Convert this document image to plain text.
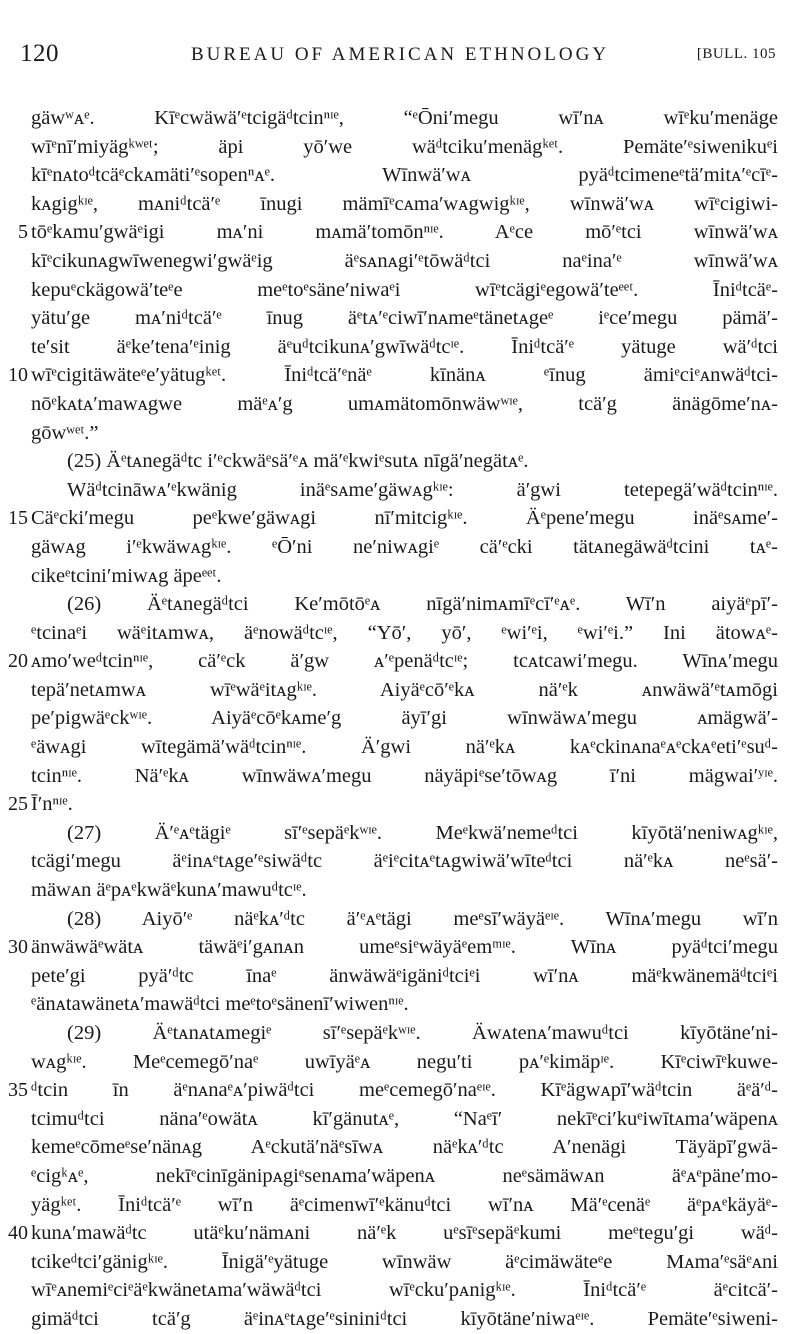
120	BUREAU OF AMERICAN ETHNOLOGY	[BULL. 105
gäwʷᴀᵉ. Kīᵉcwäwä′ᵉtcigäᵈtcinⁿᶦᵉ, “ᵉŌni′megu wī′nᴀ wīᵉku′menäge
wīᵉnī′miyägᵏʷᵉᵗ; äpi yō′we wäᵈtciku′menägᵏᵉᵗ. Pemäte′ᵉsiwenikuᵉi
kīᵉnᴀtoᵈtcäᵉckᴀmäti′ᵉsopenⁿᴀᵉ. Wīnwä′wᴀ pyäᵈtcimeneᵉtä′mitᴀ′ᵉcīᵉ-
kᴀgigᵏᶦᵉ, mᴀniᵈtcä′ᵉ īnugi mämīᵉcᴀma′wᴀgwigᵏᶦᵉ, wīnwä′wᴀ wīᵉcigiwi-
5 tōᵉkᴀmu′gwäᵉigi mᴀ′ni mᴀmä′tomōnⁿᶦᵉ. Aᵉce mō′ᵉtci wīnwä′wᴀ
kīᵉcikunᴀgwīwenegwi′gwäᵉig äᵉsᴀnᴀgi′ᵉtōwäᵈtci naᵉina′ᵉ wīnwä′wᴀ
kepuᵉckägowä′teᵉe meᵉtoᵉsäne′niwaᵉi wīᵉtcägiᵉegowä′teᵉᵉᵗ. Īniᵈtcäᵉ-
yätu′ge mᴀ′niᵈtcä′ᵉ īnug äᵉtᴀ′ᵉciwī′nᴀmeᵉtänetᴀgeᵉ iᵉce′megu pämä′-
te′sit äᵉke′tena′ᵉinig äᵉuᵈtcikunᴀ′gwīwäᵈtcᶦᵉ. Īniᵈtcä′ᵉ yätuge wä′ᵈtci
10 wīᵉcigitäwäteᵉe′yätugᵏᵉᵗ. Īniᵈtcä′ᵉnäᵉ kīnänᴀ ᵉīnug ämiᵉciᵉᴀnwäᵈtci-
nōᵉkᴀtᴀ′mawᴀgwe mäᵉᴀ′g umᴀmätomōnwäwʷᶦᵉ, tcä′g änägōme′nᴀ-
gōwʷᵉᵗ.”
(25) Äᵉtᴀnegäᵈtc i′ᵉckwäᵉsä′ᵉᴀ mä′ᵉkwiᵉsutᴀ nīgä′negätᴀᵉ.
Wäᵈtcināwᴀ′ᵉkwänig inäᵉsᴀme′gäwᴀgᵏᶦᵉ: ä′gwi tetepegä′wäᵈtcinⁿᶦᵉ.
15 Cäᵉcki′megu peᵉkwe′gäwᴀgi nī′mitcigᵏᶦᵉ. Äᵉpene′megu inäᵉsᴀme′-
gäwᴀg i′ᵉkwäwᴀgᵏᶦᵉ. ᵉŌ′ni ne′niwᴀgiᵉ cä′ᵉcki tätᴀnegäwäᵈtcini tᴀᵉ-
cikeᵉtcini′miwᴀg äpeᵉᵉᵗ.
(26) Äᵉtᴀnegäᵈtci Ke′mōtōᵉᴀ nīgä′nimᴀmīᵉcī′ᵉᴀᵉ. Wī′n aiyäᵉpī′-
ᵉtcinaᵉi wäᵉitᴀmwᴀ, äᵉnowäᵈtcᶦᵉ, “Yō′, yō′, ᵉwi′ᵉi, ᵉwi′ᵉi.” Ini ätowᴀᵉ-
20 ᴀmo′weᵈtcinⁿᶦᵉ, cä′ᵉck ä′gw ᴀ′ᵉpenäᵈtcᶦᵉ; tcᴀtcawi′megu. Wīnᴀ′megu
tepä′netᴀmwᴀ wīᵉwäᵉitᴀgᵏᶦᵉ. Aiyäᵉcō′ᵉkᴀ nä′ᵉk ᴀnwäwä′ᵉtᴀmōgi
pe′pigwäᵉckʷᶦᵉ. Aiyäᵉcōᵉkᴀme′g äyī′gi wīnwäwᴀ′megu ᴀmägwä′-
ᵉäwᴀgi wītegämä′wäᵈtcinⁿᶦᵉ. Ä′gwi nä′ᵉkᴀ kᴀᵉckinᴀnaᵉᴀᵉckᴀᵉeti′ᵉsuᵈ-
tcinⁿᶦᵉ. Nä′ᵉkᴀ wīnwäwᴀ′megu näyäpiᵉse′tōwᴀg ī′ni mägwai′ʸᶦᵉ.
25 Ī′nⁿᶦᵉ.
(27) Ä′ᵉᴀᵉtägiᵉ sī′ᵉsepäᵉkʷᶦᵉ. Meᵉkwä′nemeᵈtci kīyōtä′neniwᴀgᵏᶦᵉ,
tcägi′megu äᵉinᴀᵉtᴀge′ᵉsiwäᵈtc äᵉiᵉcitᴀᵉtᴀgwiwä′wīteᵈtci nä′ᵉkᴀ neᵉsä′-
mäwᴀn äᵉpᴀᵉkwäᵉkunᴀ′mawuᵈtcᶦᵉ.
(28) Aiyō′ᵉ näᵉkᴀ′ᵈtc ä′ᵉᴀᵉtägi meᵉsī′wäyäᵉᶦᵉ. Wīnᴀ′megu wī′n
30 änwäwäᵉwätᴀ täwäᵉi′gᴀnᴀn umeᵉsiᵉwäyäᵉemᵐᶦᵉ. Wīnᴀ pyäᵈtci′megu
pete′gi pyä′ᵈtc īnaᵉ änwäwäᵉigäniᵈtciᵉi wī′nᴀ mäᵉkwänemäᵈtciᵉi
ᵉänᴀtawänetᴀ′mawäᵈtci meᵉtoᵉsänenī′wiwenⁿᶦᵉ.
(29) Äᵉtᴀnᴀtᴀmegiᵉ sī′ᵉsepäᵉkʷᶦᵉ. Äwᴀtenᴀ′mawuᵈtci kīyōtäne′ni-
wᴀgᵏᶦᵉ. Meᵉcemegō′naᵉ uwīyäᵉᴀ negu′ti pᴀ′ᵉkimäpᶦᵉ. Kīᵉciwīᵉkuwe-
35 ᵈtcin īn äᵉnᴀnaᵉᴀ′piwäᵈtci meᵉcemegō′naᵉᶦᵉ. Kīᵉägwᴀpī′wäᵈtcin äᵉä′ᵈ-
tcimuᵈtci näna′ᵉowätᴀ kī′gänutᴀᵉ, “Naᵉī′ nekīᵉci′kuᵉiwītᴀma′wäpenᴀ
kemeᵉcōmeᵉse′nänᴀg Aᵉckutä′näᵉsīwᴀ näᵉkᴀ′ᵈtc A′nenägi Täyäpī′gwä-
ᵉcigᵏᴀᵉ, nekīᵉcinīgänipᴀgiᵉsenᴀma′wäpenᴀ neᵉsämäwᴀn äᵉᴀᵉpäne′mo-
yägᵏᵉᵗ. Īniᵈtcä′ᵉ wī′n äᵉcimenwī′ᵉkänuᵈtci wī′nᴀ Mä′ᵉcenäᵉ äᵉpᴀᵉkäyäᵉ-
40 kunᴀ′mawäᵈtc utäᵉku′nämᴀni nä′ᵉk uᵉsīᵉsepäᵉkumi meᵉtegu′gi wäᵈ-
tcikeᵈtci′gänigᵏᶦᵉ. Īnigä′ᵉyätuge wīnwäw äᵉcimäwäteᵉe Mᴀma′ᵉsäᵉᴀni
wīᵉᴀnemiᵉciᵉäᵉkwänetᴀma′wäwäᵈtci wīᵉcku′pᴀnigᵏᶦᵉ. Īniᵈtcä′ᵉ äᵉcitcä′-
gimäᵈtci tcä′g äᵉinᴀᵉtᴀge′ᵉsininiᵈtci kīyōtäne′niwaᵉᶦᵉ. Pemäte′ᵉsiweni-
